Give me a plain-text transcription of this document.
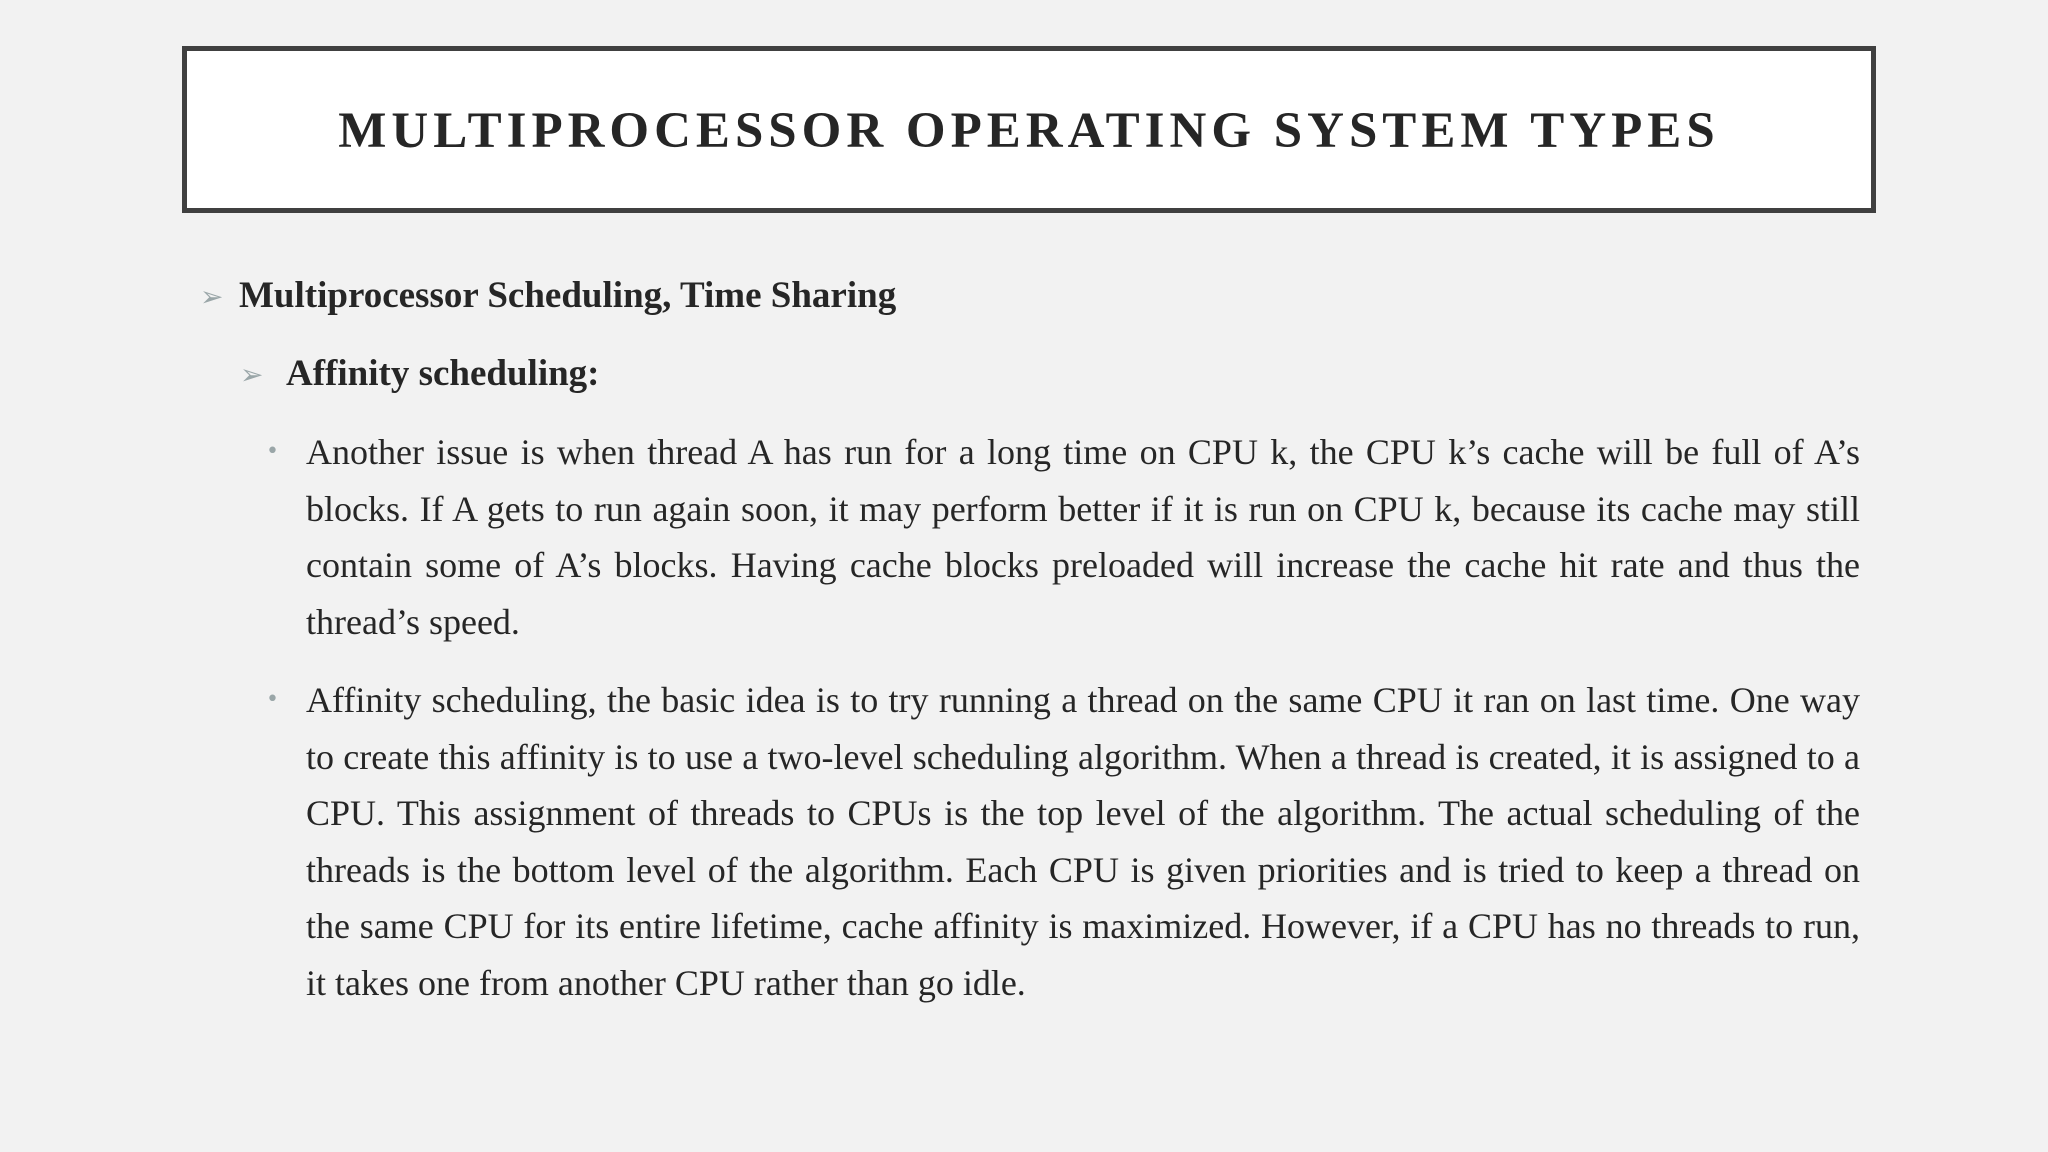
MULTIPROCESSOR OPERATING SYSTEM TYPES
➢ Multiprocessor Scheduling, Time Sharing
➢ Affinity scheduling:
• Another issue is when thread A has run for a long time on CPU k, the CPU k’s cache will be full of A’s blocks. If A gets to run again soon, it may perform better if it is run on CPU k, because its cache may still contain some of A’s blocks. Having cache blocks preloaded will increase the cache hit rate and thus the thread’s speed.
• Affinity scheduling, the basic idea is to try running a thread on the same CPU it ran on last time. One way to create this affinity is to use a two-level scheduling algorithm. When a thread is created, it is assigned to a CPU. This assignment of threads to CPUs is the top level of the algorithm. The actual scheduling of the threads is the bottom level of the algorithm. Each CPU is given priorities and is tried to keep a thread on the same CPU for its entire lifetime, cache affinity is maximized. However, if a CPU has no threads to run, it takes one from another CPU rather than go idle.
